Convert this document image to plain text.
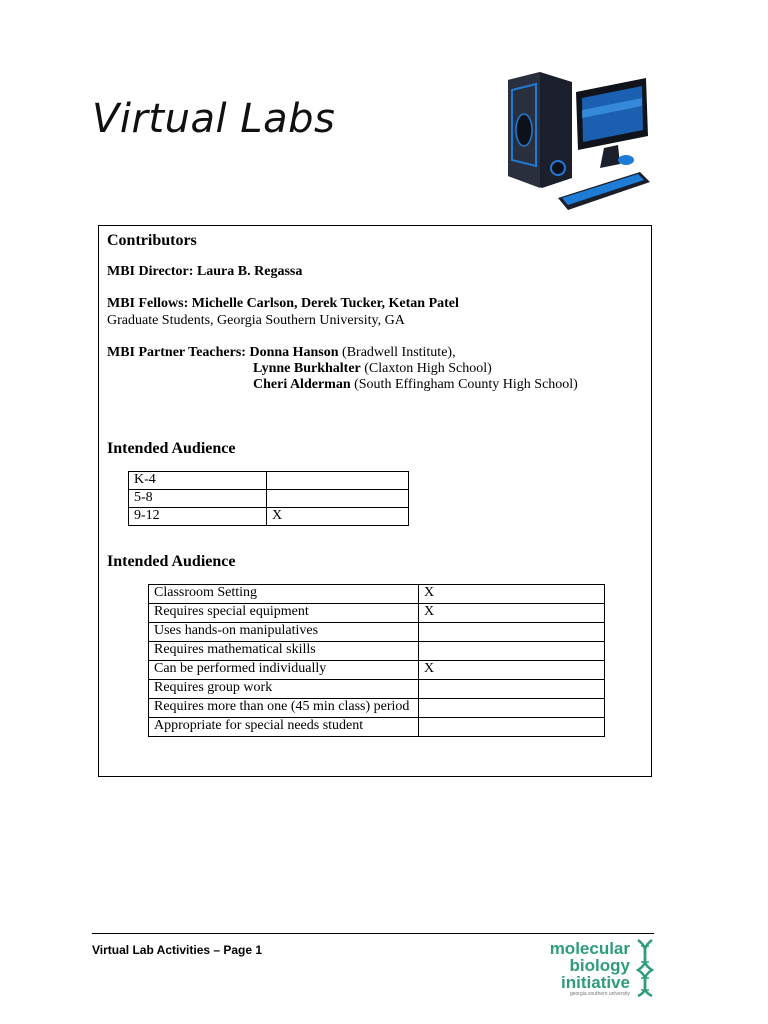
Virtual Labs
Contributors
MBI Director: Laura B. Regassa
MBI Fellows: Michelle Carlson, Derek Tucker, Ketan Patel
Graduate Students, Georgia Southern University, GA
MBI Partner Teachers: Donna Hanson (Bradwell Institute),
Lynne Burkhalter (Claxton High School)
Cheri Alderman (South Effingham County High School)
Intended Audience
K-4	
5-8	
9-12	X
Intended Audience
Classroom Setting	X
Requires special equipment	X
Uses hands-on manipulatives	
Requires mathematical skills	
Can be performed individually	X
Requires group work	
Requires more than one (45 min class) period	
Appropriate for special needs student	
Virtual Lab Activities – Page 1	molecular
biology
initiative
georgia southern university
